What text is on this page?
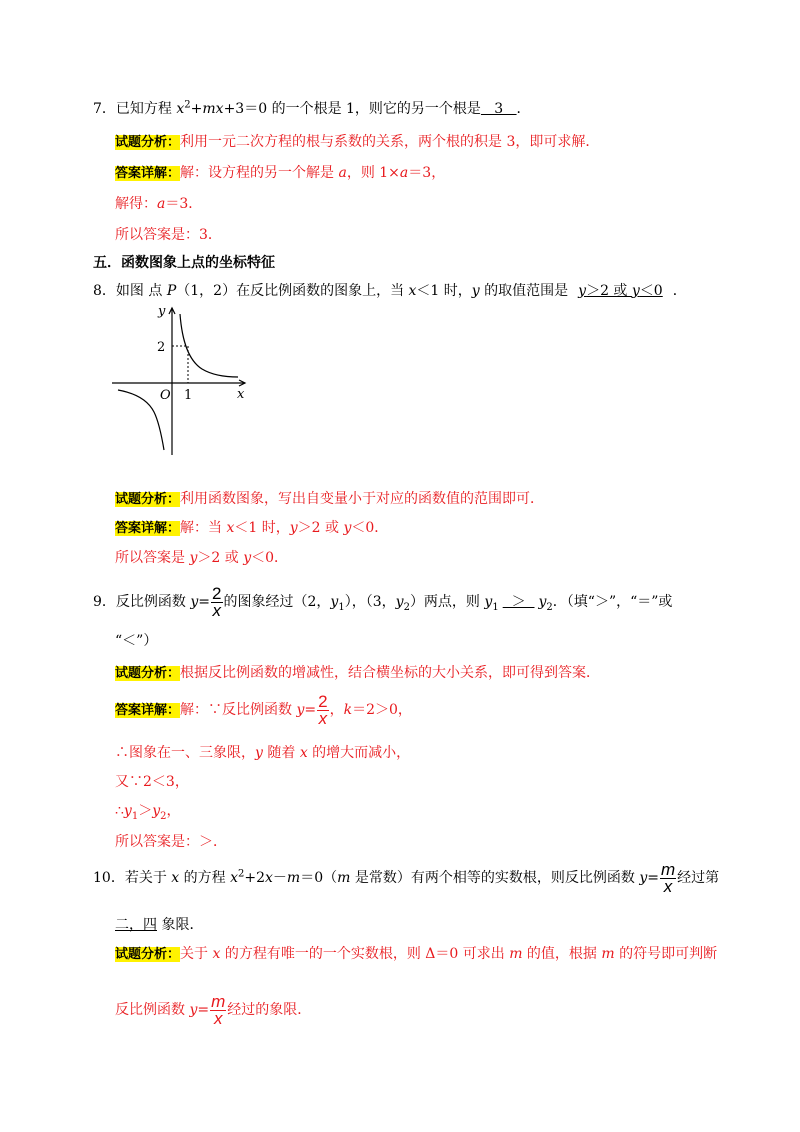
7．已知方程 $x^2+mx+3=0$ 的一个根是 1，则它的另一个根是   3   ．
试题分析：利用一元二次方程的根与系数的关系，两个根的积是 3，即可求解．
答案详解：解：设方程的另一个解是 a，则 1×a＝3，
解得：a＝3．
所以答案是：3．
五．函数图象上点的坐标特征
8．如图 点 P（1，2）在反比例函数的图象上，当 x＜1 时，y 的取值范围是 y＞2 或 y＜0 ．
y
x
O 1
2
试题分析：利用函数图象，写出自变量小于对应的函数值的范围即可．
答案详解：解：当 x＜1 时，y＞2 或 y＜0．
所以答案是 y＞2 或 y＜0．
9．反比例函数 $y= \frac{2}{x}$ 的图象经过（2，$y_1$），（3，$y_2$）两点，则 $y_1 > y_2$．（填“＞”，“＝”或
“＜”）
试题分析：根据反比例函数的增减性，结合横坐标的大小关系，即可得到答案．
答案详解：解：∵反比例函数 $y= \frac{2}{x}$ ，k＝2＞0，
∴图象在一、三象限，y 随着 x 的增大而减小，
又∵2＜3，
$\therefore y_1>y_2$，
所以答案是：＞．
10．若关于 x 的方程 $x^2+2x-m=0(m$ 是常数）有两个相等的实数根，则反比例函数 $y= \frac{m}{x}$ 经过第
二，四 象限．
试题分析：关于 x 的方程有唯一的一个实数根，则 Δ＝0 可求出 m 的值，根据 m 的符号即可判断
反比例函数 $y= \frac{m}{x}$ 经过的象限．
